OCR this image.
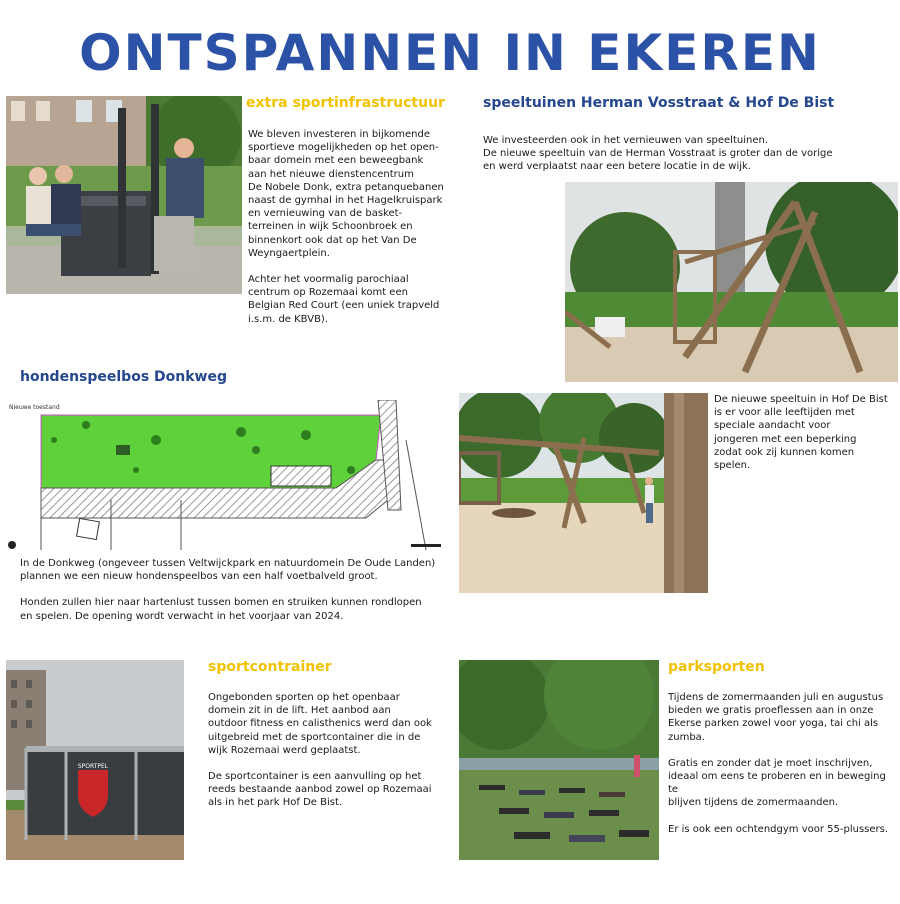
ONTSPANNEN IN EKEREN
extra sportinfrastructuur

We bleven investeren in bijkomende
sportieve mogelijkheden op het open-
baar domein met een beweegbank
aan het nieuwe dienstencentrum
De Nobele Donk, extra petanquebanen
naast de gymhal in het Hagelkruispark
en vernieuwing van de basket-
terreinen in wijk Schoonbroek en
binnenkort ook dat op het Van De
Weyngaertplein.

Achter het voormalig parochiaal
centrum op Rozemaai komt een
Belgian Red Court (een uniek trapveld
i.s.m. de KBVB).

speeltuinen Herman Vosstraat & Hof De Bist

We investeerden ook in het vernieuwen van speeltuinen.
De nieuwe speeltuin van de Herman Vosstraat is groter dan de vorige
en werd verplaatst naar een betere locatie in de wijk.

hondenspeelbos Donkweg
Nieuwe toestand

In de Donkweg (ongeveer tussen Veltwijckpark en natuurdomein De Oude Landen)
plannen we een nieuw hondenspeelbos van een half voetbalveld groot.

Honden zullen hier naar hartenlust tussen bomen en struiken kunnen rondlopen
en spelen. De opening wordt verwacht in het voorjaar van 2024.

De nieuwe speeltuin in Hof De Bist
is er voor alle leeftijden met
speciale aandacht voor
jongeren met een beperking
zodat ook zij kunnen komen
spelen.

SPORTPEL
sportcontrainer

Ongebonden sporten op het openbaar
domein zit in de lift. Het aanbod aan
outdoor fitness en calisthenics werd dan ook
uitgebreid met de sportcontainer die in de
wijk Rozemaai werd geplaatst.

De sportcontainer is een aanvulling op het
reeds bestaande aanbod zowel op Rozemaai
als in het park Hof De Bist.

parksporten

Tijdens de zomermaanden juli en augustus
bieden we gratis proeflessen aan in onze
Ekerse parken zowel voor yoga, tai chi als
zumba.

Gratis en zonder dat je moet inschrijven,
ideaal om eens te proberen en in beweging te
blijven tijdens de zomermaanden.

Er is ook een ochtendgym voor 55-plussers.
